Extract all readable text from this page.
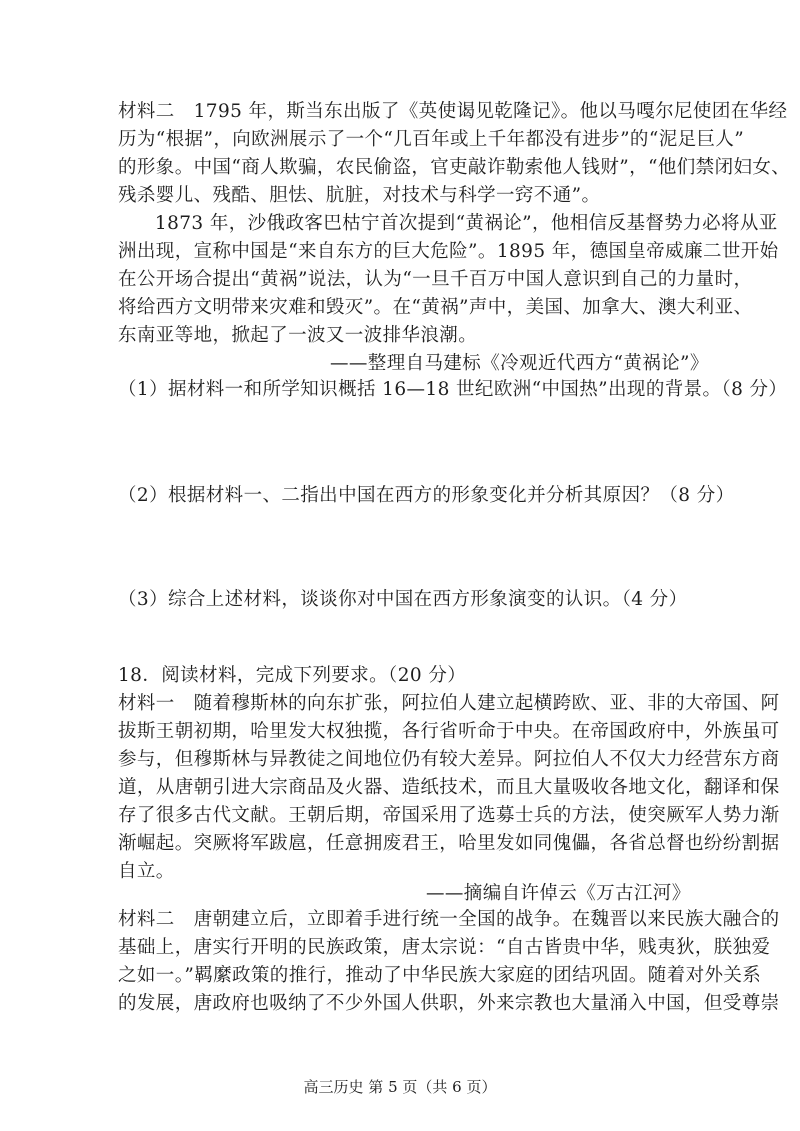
材料二　1795 年，斯当东出版了《英使谒见乾隆记》。他以马嘎尔尼使团在华经
历为“根据”，向欧洲展示了一个“几百年或上千年都没有进步”的“泥足巨人”
的形象。中国“商人欺骗，农民偷盗，官吏敲诈勒索他人钱财”，“他们禁闭妇女、
残杀婴儿、残酷、胆怯、肮脏，对技术与科学一窍不通”。
　1873 年，沙俄政客巴枯宁首次提到“黄祸论”，他相信反基督势力必将从亚
洲出现，宣称中国是“来自东方的巨大危险”。1895 年，德国皇帝威廉二世开始
在公开场合提出“黄祸”说法，认为“一旦千百万中国人意识到自己的力量时，
将给西方文明带来灾难和毁灭”。在“黄祸”声中，美国、加拿大、澳大利亚、
东南亚等地，掀起了一波又一波排华浪潮。
——整理自马建标《冷观近代西方“黄祸论”》
（1）据材料一和所学知识概括 16—18 世纪欧洲“中国热”出现的背景。（8 分）
（2）根据材料一、二指出中国在西方的形象变化并分析其原因？（8 分）
（3）综合上述材料，谈谈你对中国在西方形象演变的认识。（4 分）
18．阅读材料，完成下列要求。（20 分）
材料一　随着穆斯林的向东扩张，阿拉伯人建立起横跨欧、亚、非的大帝国、阿
拔斯王朝初期，哈里发大权独揽，各行省听命于中央。在帝国政府中，外族虽可
参与，但穆斯林与异教徒之间地位仍有较大差异。阿拉伯人不仅大力经营东方商
道，从唐朝引进大宗商品及火器、造纸技术，而且大量吸收各地文化，翻译和保
存了很多古代文献。王朝后期，帝国采用了选募士兵的方法，使突厥军人势力渐
渐崛起。突厥将军跋扈，任意拥废君王，哈里发如同傀儡，各省总督也纷纷割据
自立。
——摘编自许倬云《万古江河》
材料二　唐朝建立后，立即着手进行统一全国的战争。在魏晋以来民族大融合的
基础上，唐实行开明的民族政策，唐太宗说：“自古皆贵中华，贱夷狄，朕独爱
之如一。”羁縻政策的推行，推动了中华民族大家庭的团结巩固。随着对外关系
的发展，唐政府也吸纳了不少外国人供职，外来宗教也大量涌入中国，但受尊崇
高三历史 第 5 页（共 6 页）
